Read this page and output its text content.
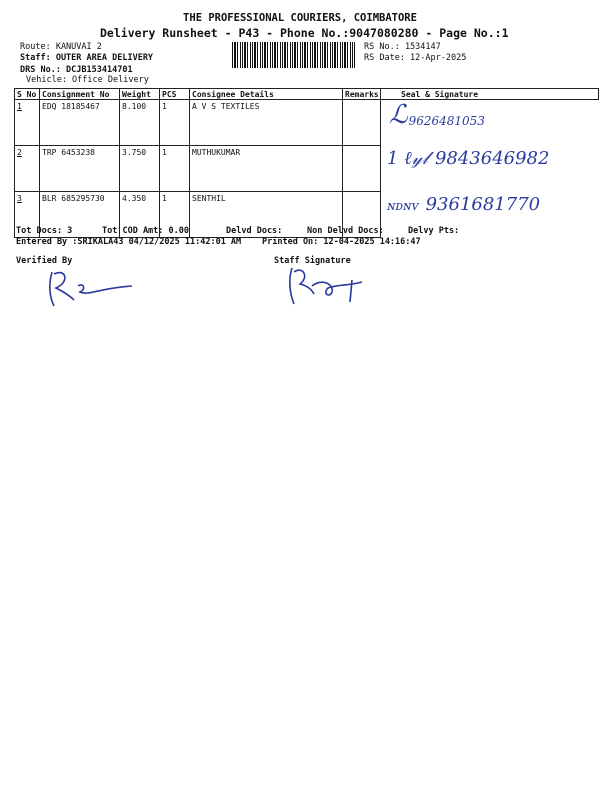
THE PROFESSIONAL COURIERS, COIMBATORE
Delivery Runsheet - P43 - Phone No.:9047080280 - Page No.:1
Route: KANUVAI 2
Staff: OUTER AREA DELIVERY
DRS No.: DCJB153414701
Vehicle: Office Delivery
RS No.: 1534147
RS Date: 12-Apr-2025
S No	Consignment No	Weight	PCS	Consignee Details	Remarks	Seal & Signature
1	EDQ 18185467	8.100	1	A V S TEXTILES		ℒ 9626481053
2	TRP 6453238	3.750	1	MUTHUKUMAR		1 ℓ𝓎𝓁 9843646982
3	BLR 685295730	4.350	1	SENTHIL		ɴᴅɴᴠ 9361681770
Tot Docs: 3	Tot COD Amt: 0.00	Delvd Docs:	Non Delvd Docs:	Delvy Pts:
Entered By :SRIKALA43 04/12/2025 11:42:01 AM Printed On: 12-04-2025 14:16:47
Verified By	Staff Signature
